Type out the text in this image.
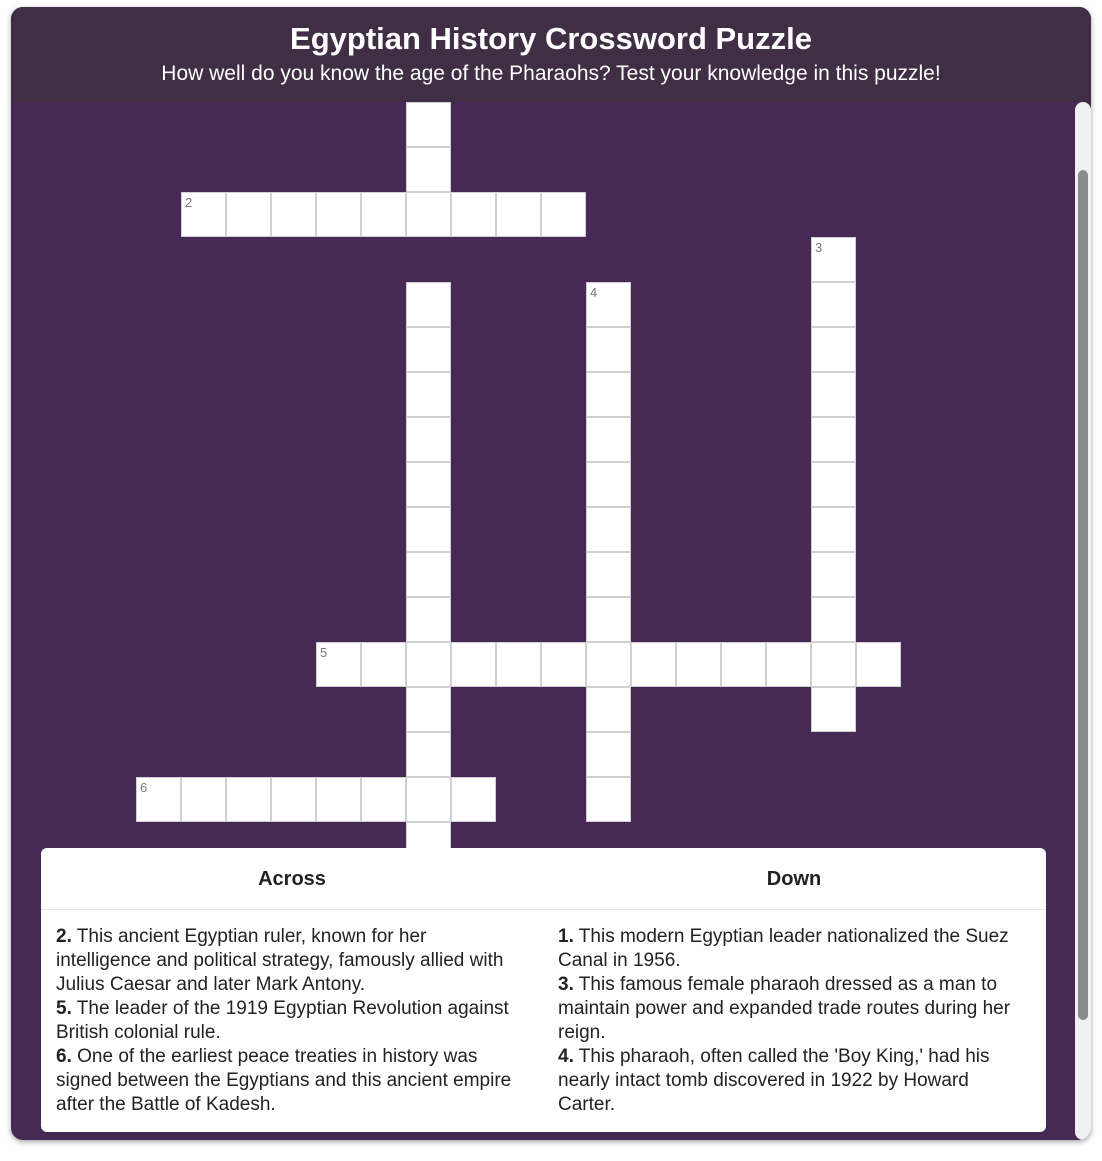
Egyptian History Crossword Puzzle
How well do you know the age of the Pharaohs? Test your knowledge in this puzzle!
2
3
4
5
6
Across	Down

2. This ancient Egyptian ruler, known for her intelligence and political strategy, famously allied with Julius Caesar and later Mark Antony.

5. The leader of the 1919 Egyptian Revolution against British colonial rule.

6. One of the earliest peace treaties in history was signed between the Egyptians and this ancient empire after the Battle of Kadesh.

1. This modern Egyptian leader nationalized the Suez Canal in 1956.

3. This famous female pharaoh dressed as a man to maintain power and expanded trade routes during her reign.

4. This pharaoh, often called the 'Boy King,' had his nearly intact tomb discovered in 1922 by Howard Carter.
